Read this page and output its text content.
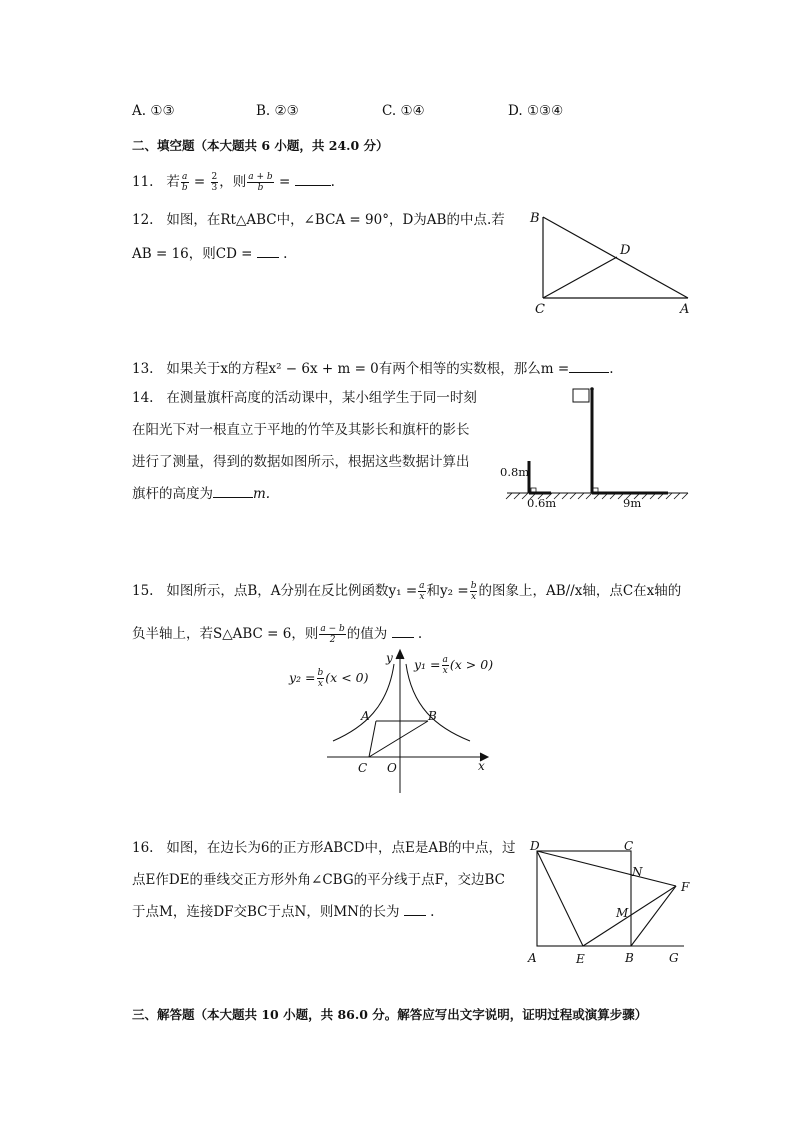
A. ①③	B. ②③	C. ①④	D. ①③④
二、填空题（本大题共 6 小题，共 24.0 分）
11. 若 $\frac{a}{b} = \frac{2}{3}$ ，则 $\frac{a + b}{b}$ =	.
12. 如图，在Rt△ABC中，∠BCA = 90°，D为AB的中点.若
AB = 16，则CD = .
B
C	A
D
0.8m
0.6m	9m
y
x
A	B
C O
D	C
N
F
M
A	E	B	G
13. 如果关于x的方程x² − 6x + m = 0有两个相等的实数根，那么m =	.
14. 在测量旗杆高度的活动课中，某小组学生于同一时刻
在阳光下对一根直立于平地的竹竿及其影长和旗杆的影长
进行了测量，得到的数据如图所示，根据这些数据计算出
旗杆的高度为	m.
15. 如图所示，点B，A分别在反比例函数$y_1 = \frac{a}{x}$ 和$y_2 = \frac{b}{x}$ 的图象上，AB//x轴，点C在x轴的
负半轴上，若S△ABC = 6，则 $\frac{a - b}{2}$ 的值为 .
$y_2 = \frac{b}{x} (x < 0)$
$y_1 = \frac{a}{x} (x > 0)$
16. 如图，在边长为6的正方形ABCD中，点E是AB的中点，过
点E作DE的垂线交正方形外角∠CBG的平分线于点F，交边BC
于点M，连接DF交BC于点N，则MN的长为 .
三、解答题（本大题共 10 小题，共 86.0 分。解答应写出文字说明，证明过程或演算步骤）
